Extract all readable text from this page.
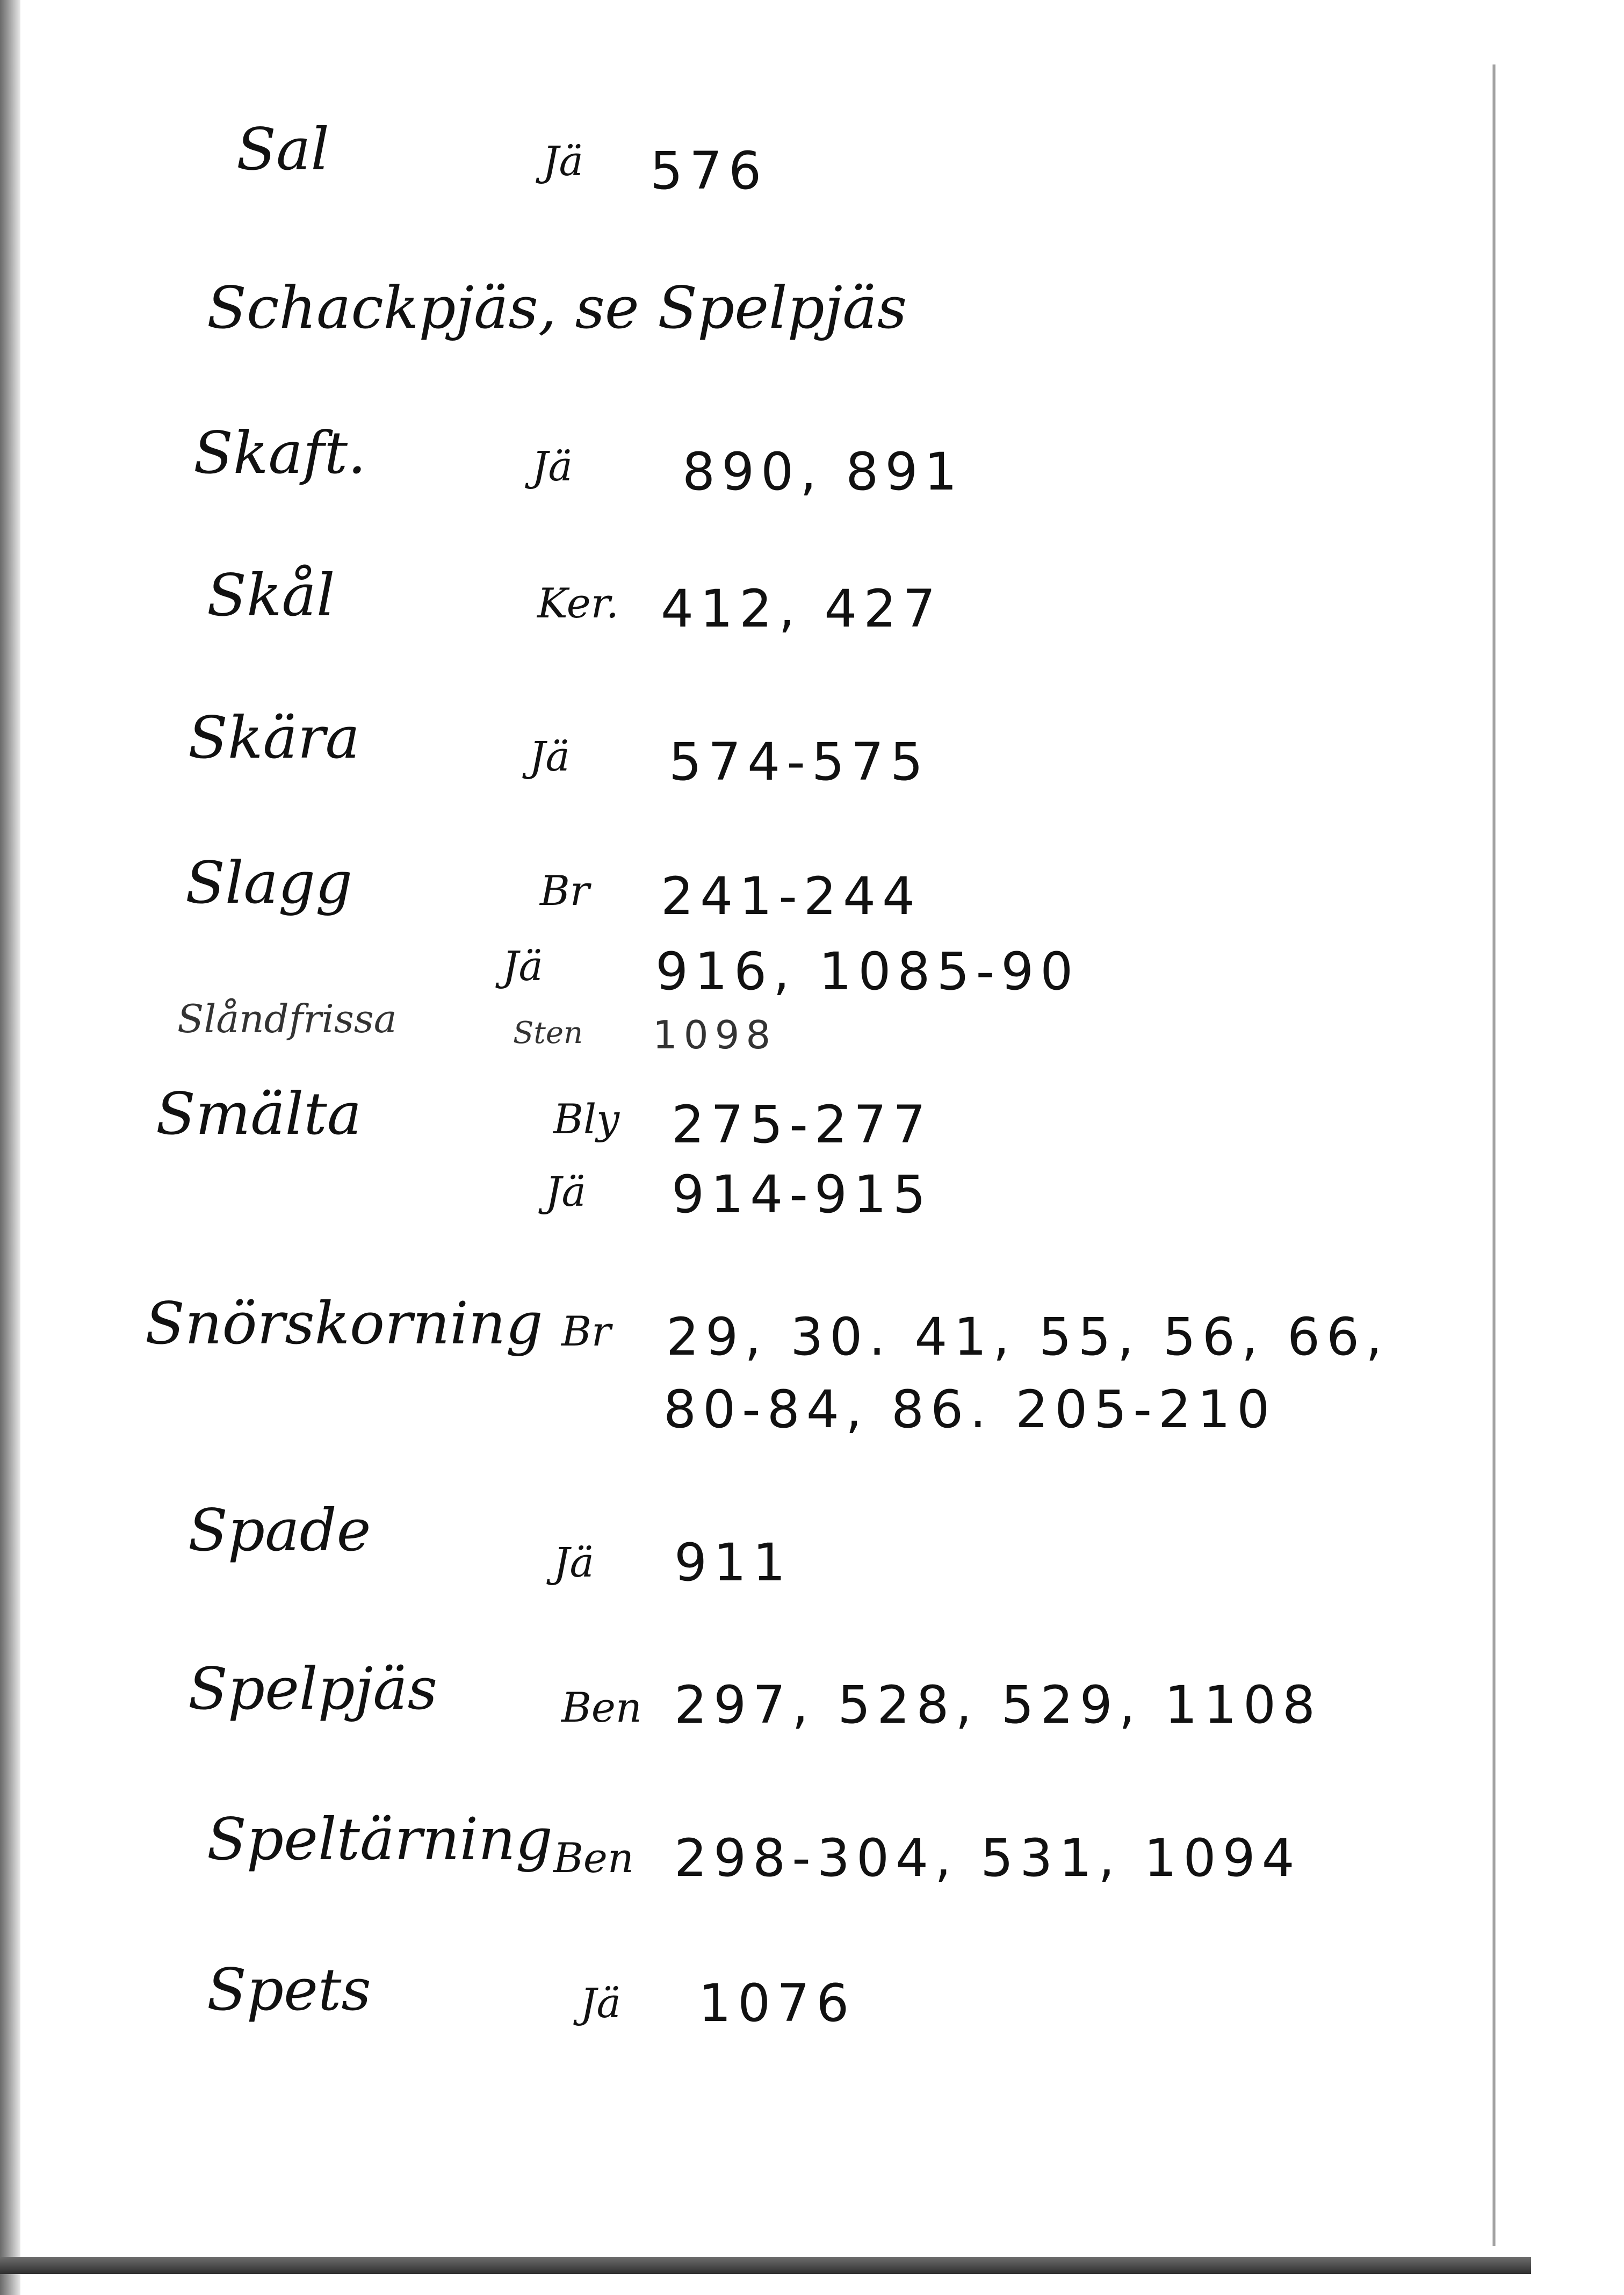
Sal	Jä 576
Schackpjäs, se Spelpjäs
Skaft.	Jä 890, 891
Skål	Ker. 412, 427
Skära	Jä 574-575
Slagg	Br 241-244
Jä 916, 1085-90
Slåndfrissa	Sten 1098
Smälta	Bly 275-277
Jä 914-915
Snörskorning Br 29, 30. 41, 55, 56, 66,
80-84, 86. 205-210
Spade	Jä 911
Spelpjäs	Ben 297, 528, 529, 1108
Speltärning Ben 298-304, 531, 1094
Spets	Jä 1076
